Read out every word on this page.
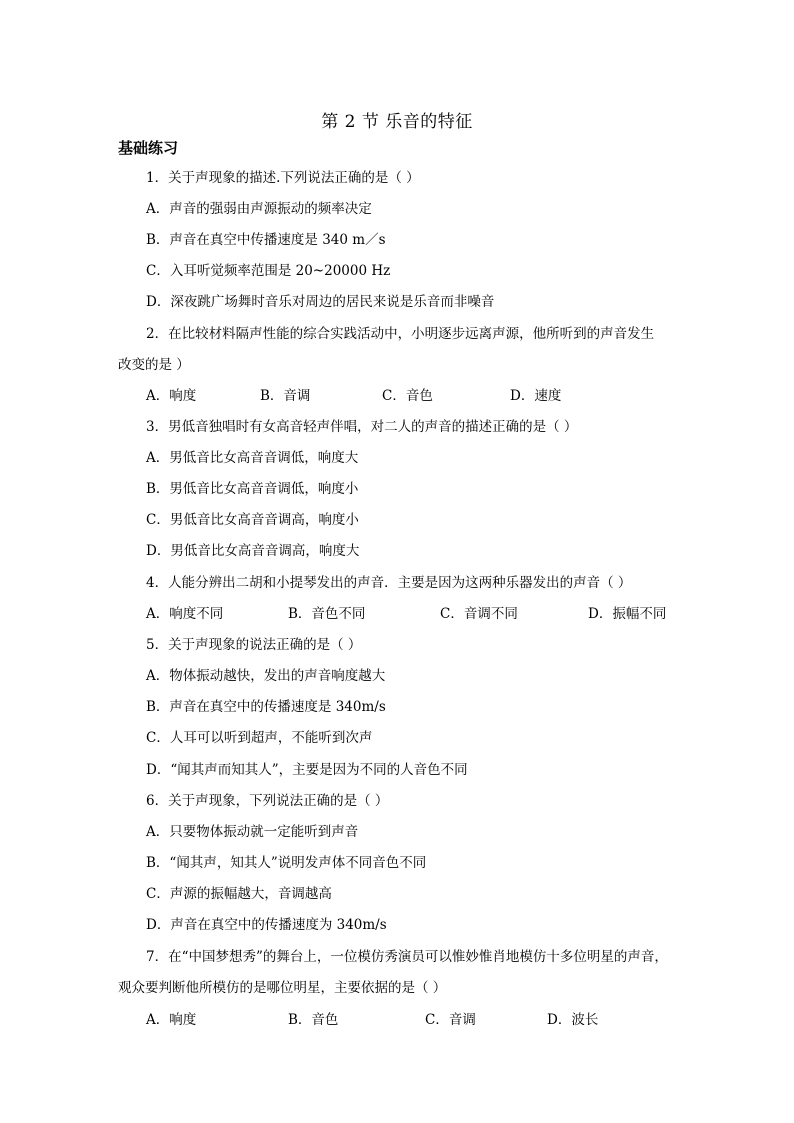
第 2 节 乐音的特征
基础练习
1．关于声现象的描述.下列说法正确的是（ ）
A．声音的强弱由声源振动的频率决定
B．声音在真空中传播速度是 340 m／s
C．入耳听觉频率范围是 20~20000 Hz
D．深夜跳广场舞时音乐对周边的居民来说是乐音而非噪音
2．在比较材料隔声性能的综合实践活动中，小明逐步远离声源，他所听到的声音发生
改变的是 ）
A．响度	B．音调	C．音色	D．速度
3．男低音独唱时有女高音轻声伴唱，对二人的声音的描述正确的是（ ）
A．男低音比女高音音调低，响度大
B．男低音比女高音音调低，响度小
C．男低音比女高音音调高，响度小
D．男低音比女高音音调高，响度大
4．人能分辨出二胡和小提琴发出的声音．主要是因为这两种乐器发出的声音（ ）
A．响度不同	B．音色不同	C．音调不同	D．振幅不同
5．关于声现象的说法正确的是（ ）
A．物体振动越快，发出的声音响度越大
B．声音在真空中的传播速度是 340m/s
C．人耳可以听到超声，不能听到次声
D．“闻其声而知其人”，主要是因为不同的人音色不同
6．关于声现象，下列说法正确的是（ ）
A．只要物体振动就一定能听到声音
B．“闻其声，知其人”说明发声体不同音色不同
C．声源的振幅越大，音调越高
D．声音在真空中的传播速度为 340m/s
7．在“中国梦想秀”的舞台上，一位模仿秀演员可以惟妙惟肖地模仿十多位明星的声音，
观众要判断他所模仿的是哪位明星，主要依据的是（ ）
A．响度	B．音色	C．音调	D．波长
